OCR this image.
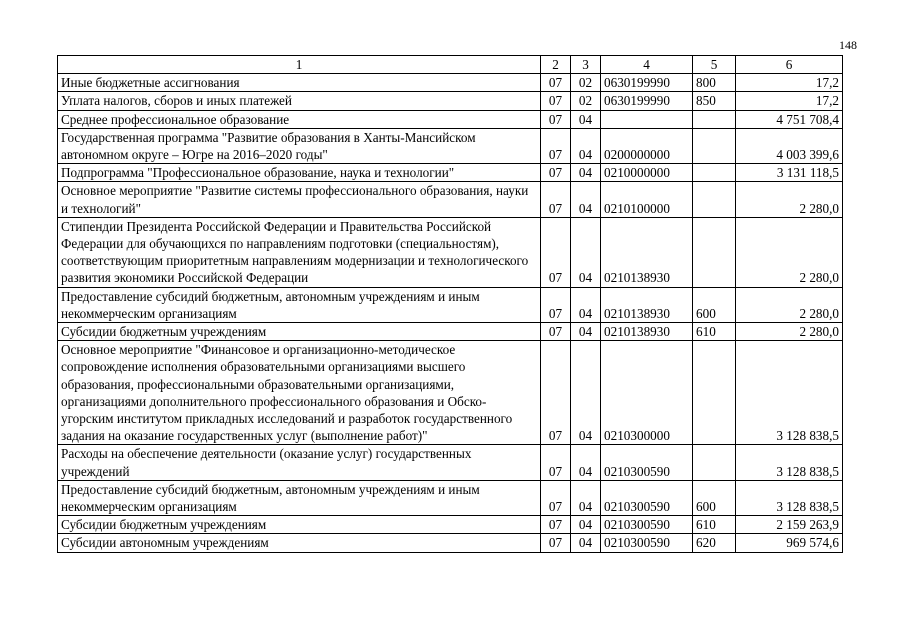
148
1	2	3	4	5	6
Иные бюджетные ассигнования	07	02	0630199990	800	17,2
Уплата налогов, сборов и иных платежей	07	02	0630199990	850	17,2
Среднее профессиональное образование	07	04			4 751 708,4
Государственная программа "Развитие образования в Ханты-Мансийском автономном округе – Югре на 2016–2020 годы"	07	04	0200000000		4 003 399,6
Подпрограмма "Профессиональное образование, наука и технологии"	07	04	0210000000		3 131 118,5
Основное мероприятие "Развитие системы профессионального образования, науки и технологий"	07	04	0210100000		2 280,0
Стипендии Президента Российской Федерации и Правительства Российской Федерации для обучающихся по направлениям подготовки (специальностям), соответствующим приоритетным направлениям модернизации и технологического развития экономики Российской Федерации	07	04	0210138930		2 280,0
Предоставление субсидий бюджетным, автономным учреждениям и иным некоммерческим организациям	07	04	0210138930	600	2 280,0
Субсидии бюджетным учреждениям	07	04	0210138930	610	2 280,0
Основное мероприятие "Финансовое и организационно-методическое сопровождение исполнения образовательными организациями высшего образования, профессиональными образовательными организациями, организациями дополнительного профессионального образования и Обско-угорским институтом прикладных исследований и разработок государственного задания на оказание государственных услуг (выполнение работ)"	07	04	0210300000		3 128 838,5
Расходы на обеспечение деятельности (оказание услуг) государственных учреждений	07	04	0210300590		3 128 838,5
Предоставление субсидий бюджетным, автономным учреждениям и иным некоммерческим организациям	07	04	0210300590	600	3 128 838,5
Субсидии бюджетным учреждениям	07	04	0210300590	610	2 159 263,9
Субсидии автономным учреждениям	07	04	0210300590	620	969 574,6
